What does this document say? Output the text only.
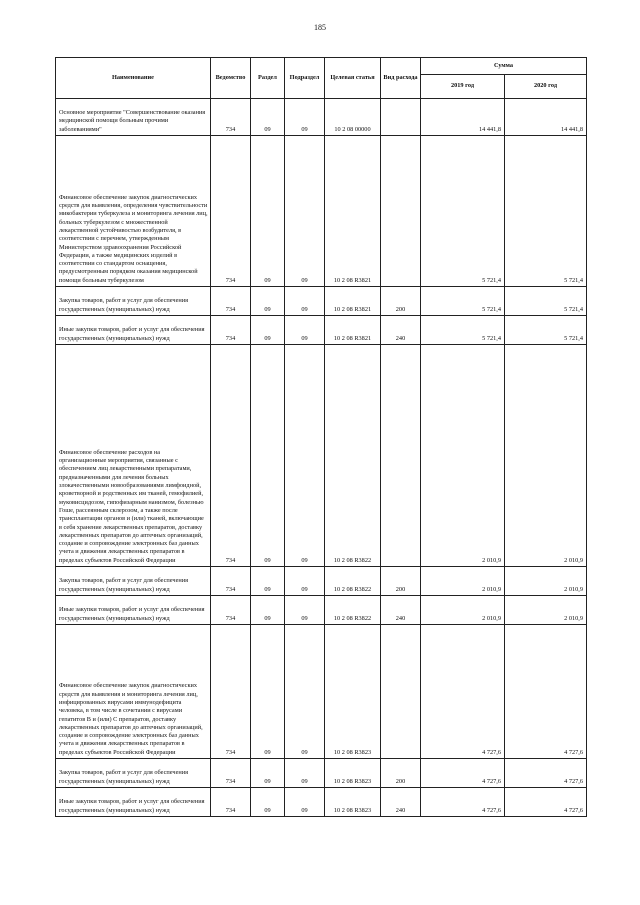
185
Наименование	Ведомство	Раздел	Подраздел	Целевая статья	Вид расхода	Сумма	
						2019 год	2020 год
Основное мероприятие "Совершенствование оказания медицинской помощи больным прочими заболеваниями"	734	09	09	10 2 08 00000		14 441,8	14 441,8
Финансовое обеспечение закупок диагностических средств для выявления, определения чувствительности микобактерии туберкулеза и мониторинга лечения лиц, больных туберкулезом с множественной лекарственной устойчивостью возбудителя, в соответствии с перечнем, утвержденным Министерством здравоохранения Российской Федерации, а также медицинских изделий в соответствии со стандартом оснащения, предусмотренным порядком оказания медицинской помощи больным туберкулезом	734	09	09	10 2 08 R3821		5 721,4	5 721,4
Закупка товаров, работ и услуг для обеспечения государственных (муниципальных) нужд	734	09	09	10 2 08 R3821	200	5 721,4	5 721,4
Иные закупки товаров, работ и услуг для обеспечения государственных (муниципальных) нужд	734	09	09	10 2 08 R3821	240	5 721,4	5 721,4
Финансовое обеспечение расходов на организационные мероприятия, связанные с обеспечением лиц лекарственными препаратами, предназначенными для лечения больных злокачественными новообразованиями лимфоидной, кроветворной и родственных им тканей, гемофилией, муковисцидозом, гипофизарным нанизмом, болезнью Гоше, рассеянным склерозом, а также после трансплантации органов и (или) тканей, включающие в себя хранение лекарственных препаратов, доставку лекарственных препаратов до аптечных организаций, создание и сопровождение электронных баз данных учета и движения лекарственных препаратов в пределах субъектов Российской Федерации	734	09	09	10 2 08 R3822		2 010,9	2 010,9
Закупка товаров, работ и услуг для обеспечения государственных (муниципальных) нужд	734	09	09	10 2 08 R3822	200	2 010,9	2 010,9
Иные закупки товаров, работ и услуг для обеспечения государственных (муниципальных) нужд	734	09	09	10 2 08 R3822	240	2 010,9	2 010,9
Финансовое обеспечение закупок диагностических средств для выявления и мониторинга лечения лиц, инфицированных вирусами иммунодефицита человека, в том числе в сочетании с вирусами гепатитов B и (или) C препаратов, доставку лекарственных препаратов до аптечных организаций, создание и сопровождение электронных баз данных учета и движения лекарственных препаратов в пределах субъектов Российской Федерации	734	09	09	10 2 08 R3823		4 727,6	4 727,6
Закупка товаров, работ и услуг для обеспечения государственных (муниципальных) нужд	734	09	09	10 2 08 R3823	200	4 727,6	4 727,6
Иные закупки товаров, работ и услуг для обеспечения государственных (муниципальных) нужд	734	09	09	10 2 08 R3823	240	4 727,6	4 727,6
